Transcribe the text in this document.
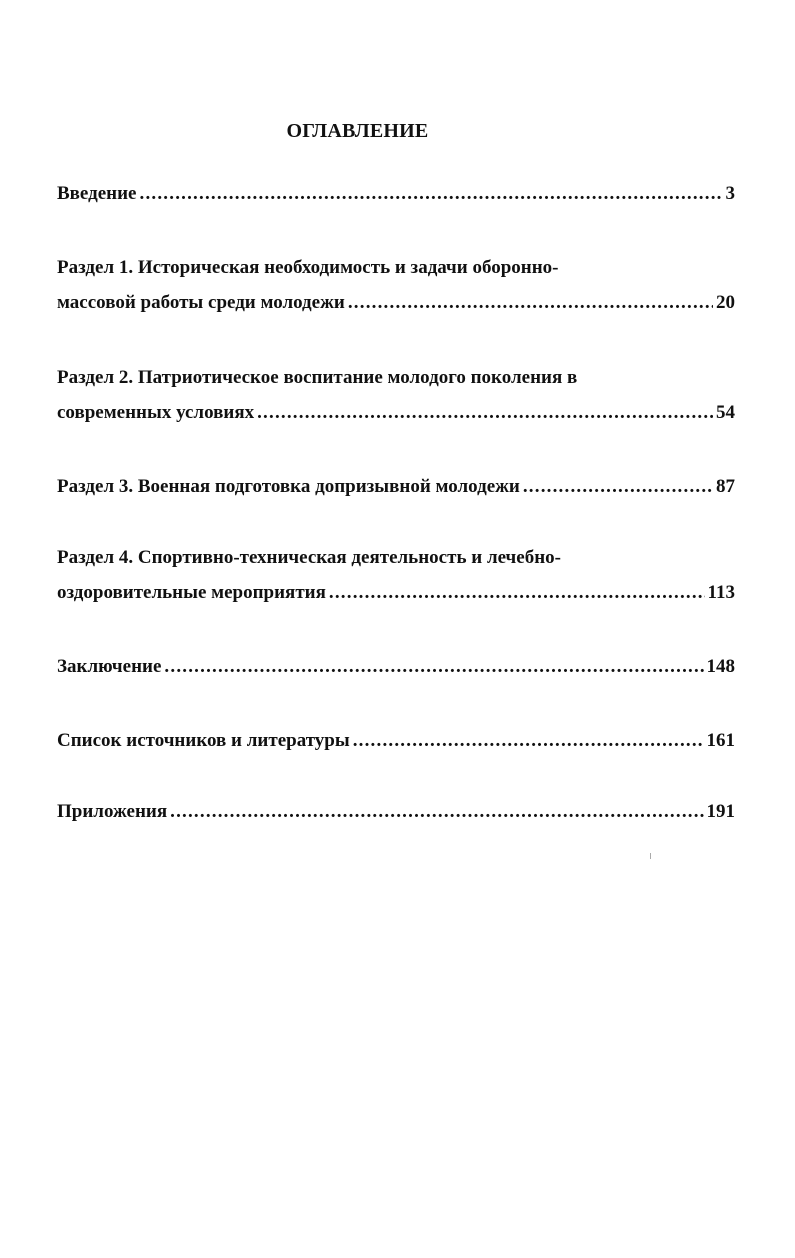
ОГЛАВЛЕНИЕ
Введение .....	3
Раздел 1. Историческая необходимость и задачи оборонно-
массовой работы среди молодежи .....	20
Раздел 2. Патриотическое воспитание молодого поколения в
современных условиях .....	54
Раздел 3. Военная подготовка допризывной молодежи .....	87
Раздел 4. Спортивно-техническая деятельность и лечебно-
оздоровительные мероприятия .....	113
Заключение .....	148
Список источников и литературы .....	161
Приложения .....	191
